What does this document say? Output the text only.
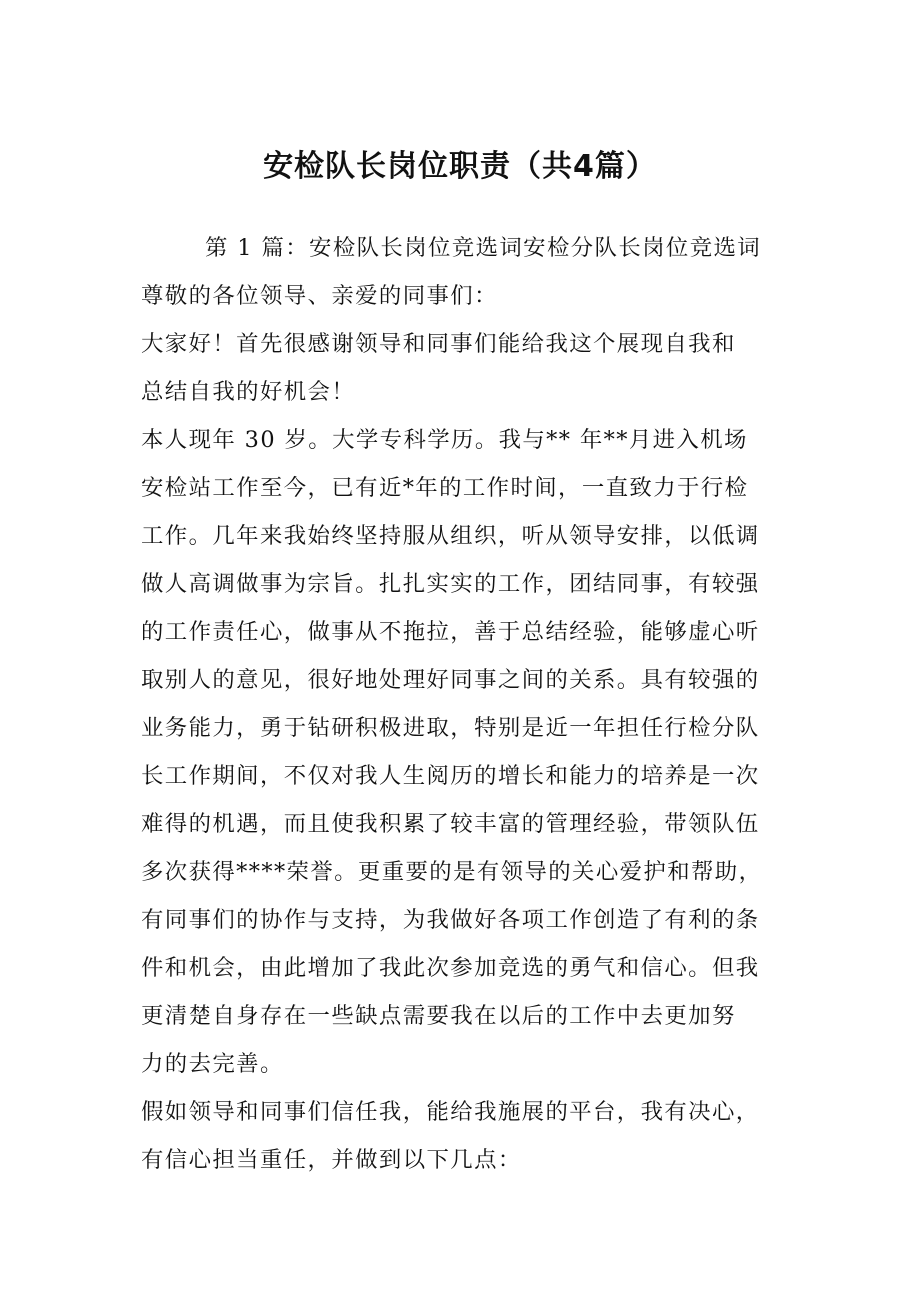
安检队长岗位职责（共4篇）
第 1 篇：安检队长岗位竞选词安检分队长岗位竞选词
尊敬的各位领导、亲爱的同事们：
大家好！首先很感谢领导和同事们能给我这个展现自我和
总结自我的好机会！
本人现年 30 岁。大学专科学历。我与** 年**月进入机场
安检站工作至今，已有近*年的工作时间，一直致力于行检
工作。几年来我始终坚持服从组织，听从领导安排，以低调
做人高调做事为宗旨。扎扎实实的工作，团结同事，有较强
的工作责任心，做事从不拖拉，善于总结经验，能够虚心听
取别人的意见，很好地处理好同事之间的关系。具有较强的
业务能力，勇于钻研积极进取，特别是近一年担任行检分队
长工作期间，不仅对我人生阅历的增长和能力的培养是一次
难得的机遇，而且使我积累了较丰富的管理经验，带领队伍
多次获得****荣誉。更重要的是有领导的关心爱护和帮助，
有同事们的协作与支持，为我做好各项工作创造了有利的条
件和机会，由此增加了我此次参加竞选的勇气和信心。但我
更清楚自身存在一些缺点需要我在以后的工作中去更加努
力的去完善。
假如领导和同事们信任我，能给我施展的平台，我有决心，
有信心担当重任，并做到以下几点：
